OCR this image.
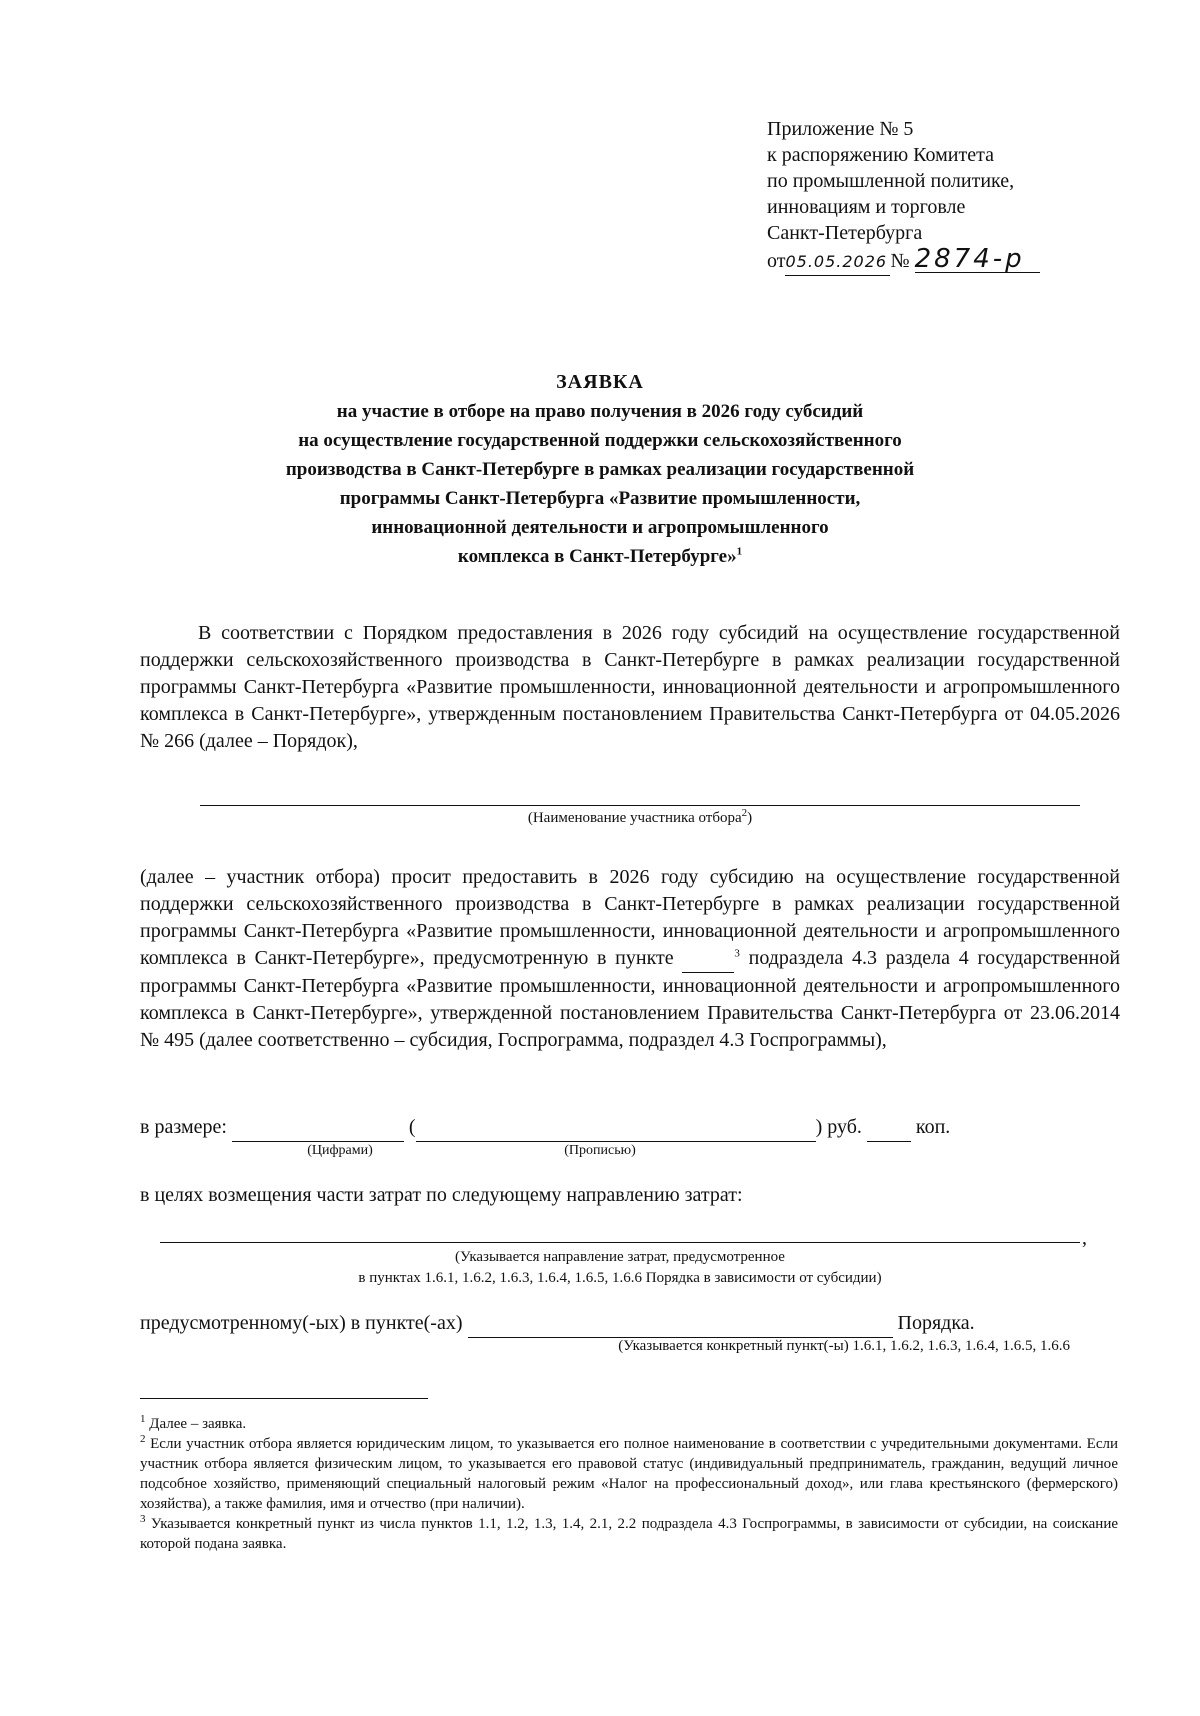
Приложение № 5
к распоряжению Комитета
по промышленной политике,
инновациям и торговле
Санкт-Петербурга
от05.05.2026 № 2874-р
ЗАЯВКА
на участие в отборе на право получения в 2026 году субсидий
на осуществление государственной поддержки сельскохозяйственного
производства в Санкт-Петербурге в рамках реализации государственной
программы Санкт-Петербурга «Развитие промышленности,
инновационной деятельности и агропромышленного
комплекса в Санкт-Петербурге»$^1$
В соответствии с Порядком предоставления в 2026 году субсидий на осуществление государственной поддержки сельскохозяйственного производства в Санкт-Петербурге в рамках реализации государственной программы Санкт-Петербурга «Развитие промышленности, инновационной деятельности и агропромышленного комплекса в Санкт-Петербурге», утвержденным постановлением Правительства Санкт-Петербурга от 04.05.2026 № 266 (далее – Порядок),
(Наименование участника отбора$^2$)
(далее – участник отбора) просит предоставить в 2026 году субсидию на осуществление государственной поддержки сельскохозяйственного производства в Санкт-Петербурге в рамках реализации государственной программы Санкт-Петербурга «Развитие промышленности, инновационной деятельности и агропромышленного комплекса в Санкт-Петербурге», предусмотренную в пункте	$^3$ подраздела 4.3 раздела 4 государственной программы Санкт-Петербурга «Развитие промышленности, инновационной деятельности и агропромышленного комплекса в Санкт-Петербурге», утвержденной постановлением Правительства Санкт-Петербурга от 23.06.2014 № 495 (далее соответственно – субсидия, Госпрограмма, подраздел 4.3 Госпрограммы),
в размере:	(	) руб.	коп.
(Цифрами)	(Прописью)
в целях возмещения части затрат по следующему направлению затрат:
,
(Указывается направление затрат, предусмотренное
в пунктах 1.6.1, 1.6.2, 1.6.3, 1.6.4, 1.6.5, 1.6.6 Порядка в зависимости от субсидии)
предусмотренному(-ых) в пункте(-ах)	Порядка.
(Указывается конкретный пункт(-ы) 1.6.1, 1.6.2, 1.6.3, 1.6.4, 1.6.5, 1.6.6

$^1$ Далее – заявка.

$^2$ Если участник отбора является юридическим лицом, то указывается его полное наименование в соответствии с учредительными документами. Если участник отбора является физическим лицом, то указывается его правовой статус (индивидуальный предприниматель, гражданин, ведущий личное подсобное хозяйство, применяющий специальный налоговый режим «Налог на профессиональный доход», или глава крестьянского (фермерского) хозяйства), а также фамилия, имя и отчество (при наличии).

$^3$ Указывается конкретный пункт из числа пунктов 1.1, 1.2, 1.3, 1.4, 2.1, 2.2 подраздела 4.3 Госпрограммы, в зависимости от субсидии, на соискание которой подана заявка.
